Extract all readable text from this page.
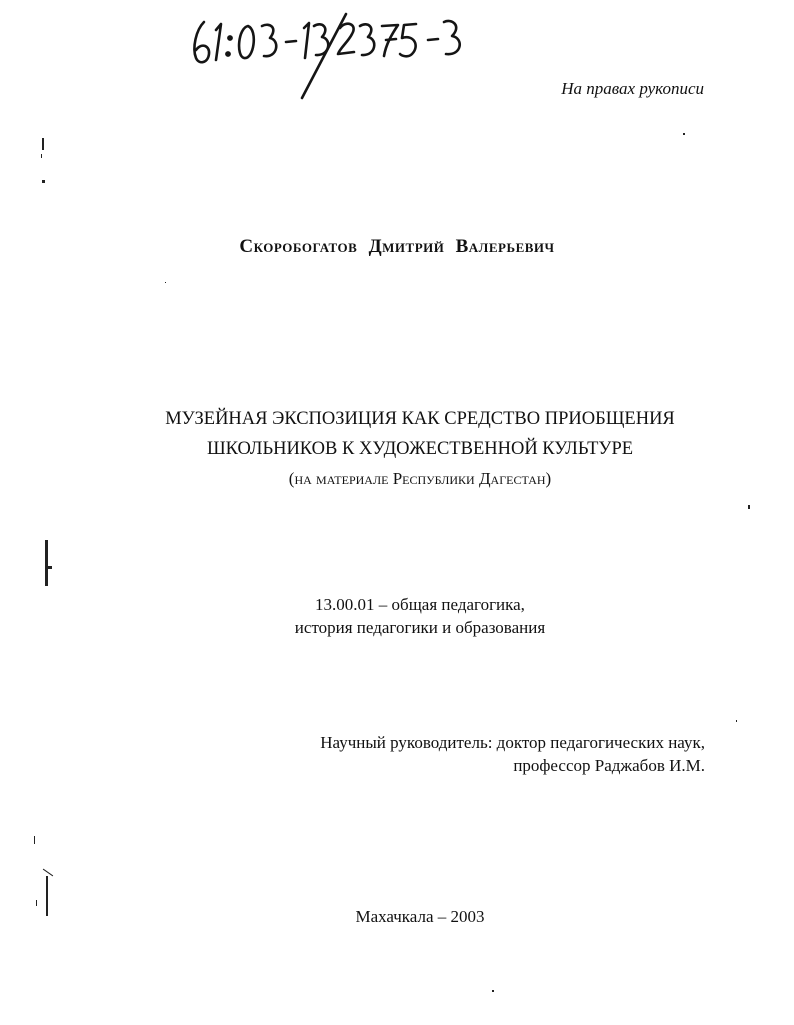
На правах рукописи
Скоробогатов Дмитрий Валерьевич
МУЗЕЙНАЯ ЭКСПОЗИЦИЯ КАК СРЕДСТВО ПРИОБЩЕНИЯ
ШКОЛЬНИКОВ К ХУДОЖЕСТВЕННОЙ КУЛЬТУРЕ
(на материале Республики Дагестан)
13.00.01 – общая педагогика,
история педагогики и образования
Научный руководитель: доктор педагогических наук,
профессор Раджабов И.М.
Махачкала – 2003
